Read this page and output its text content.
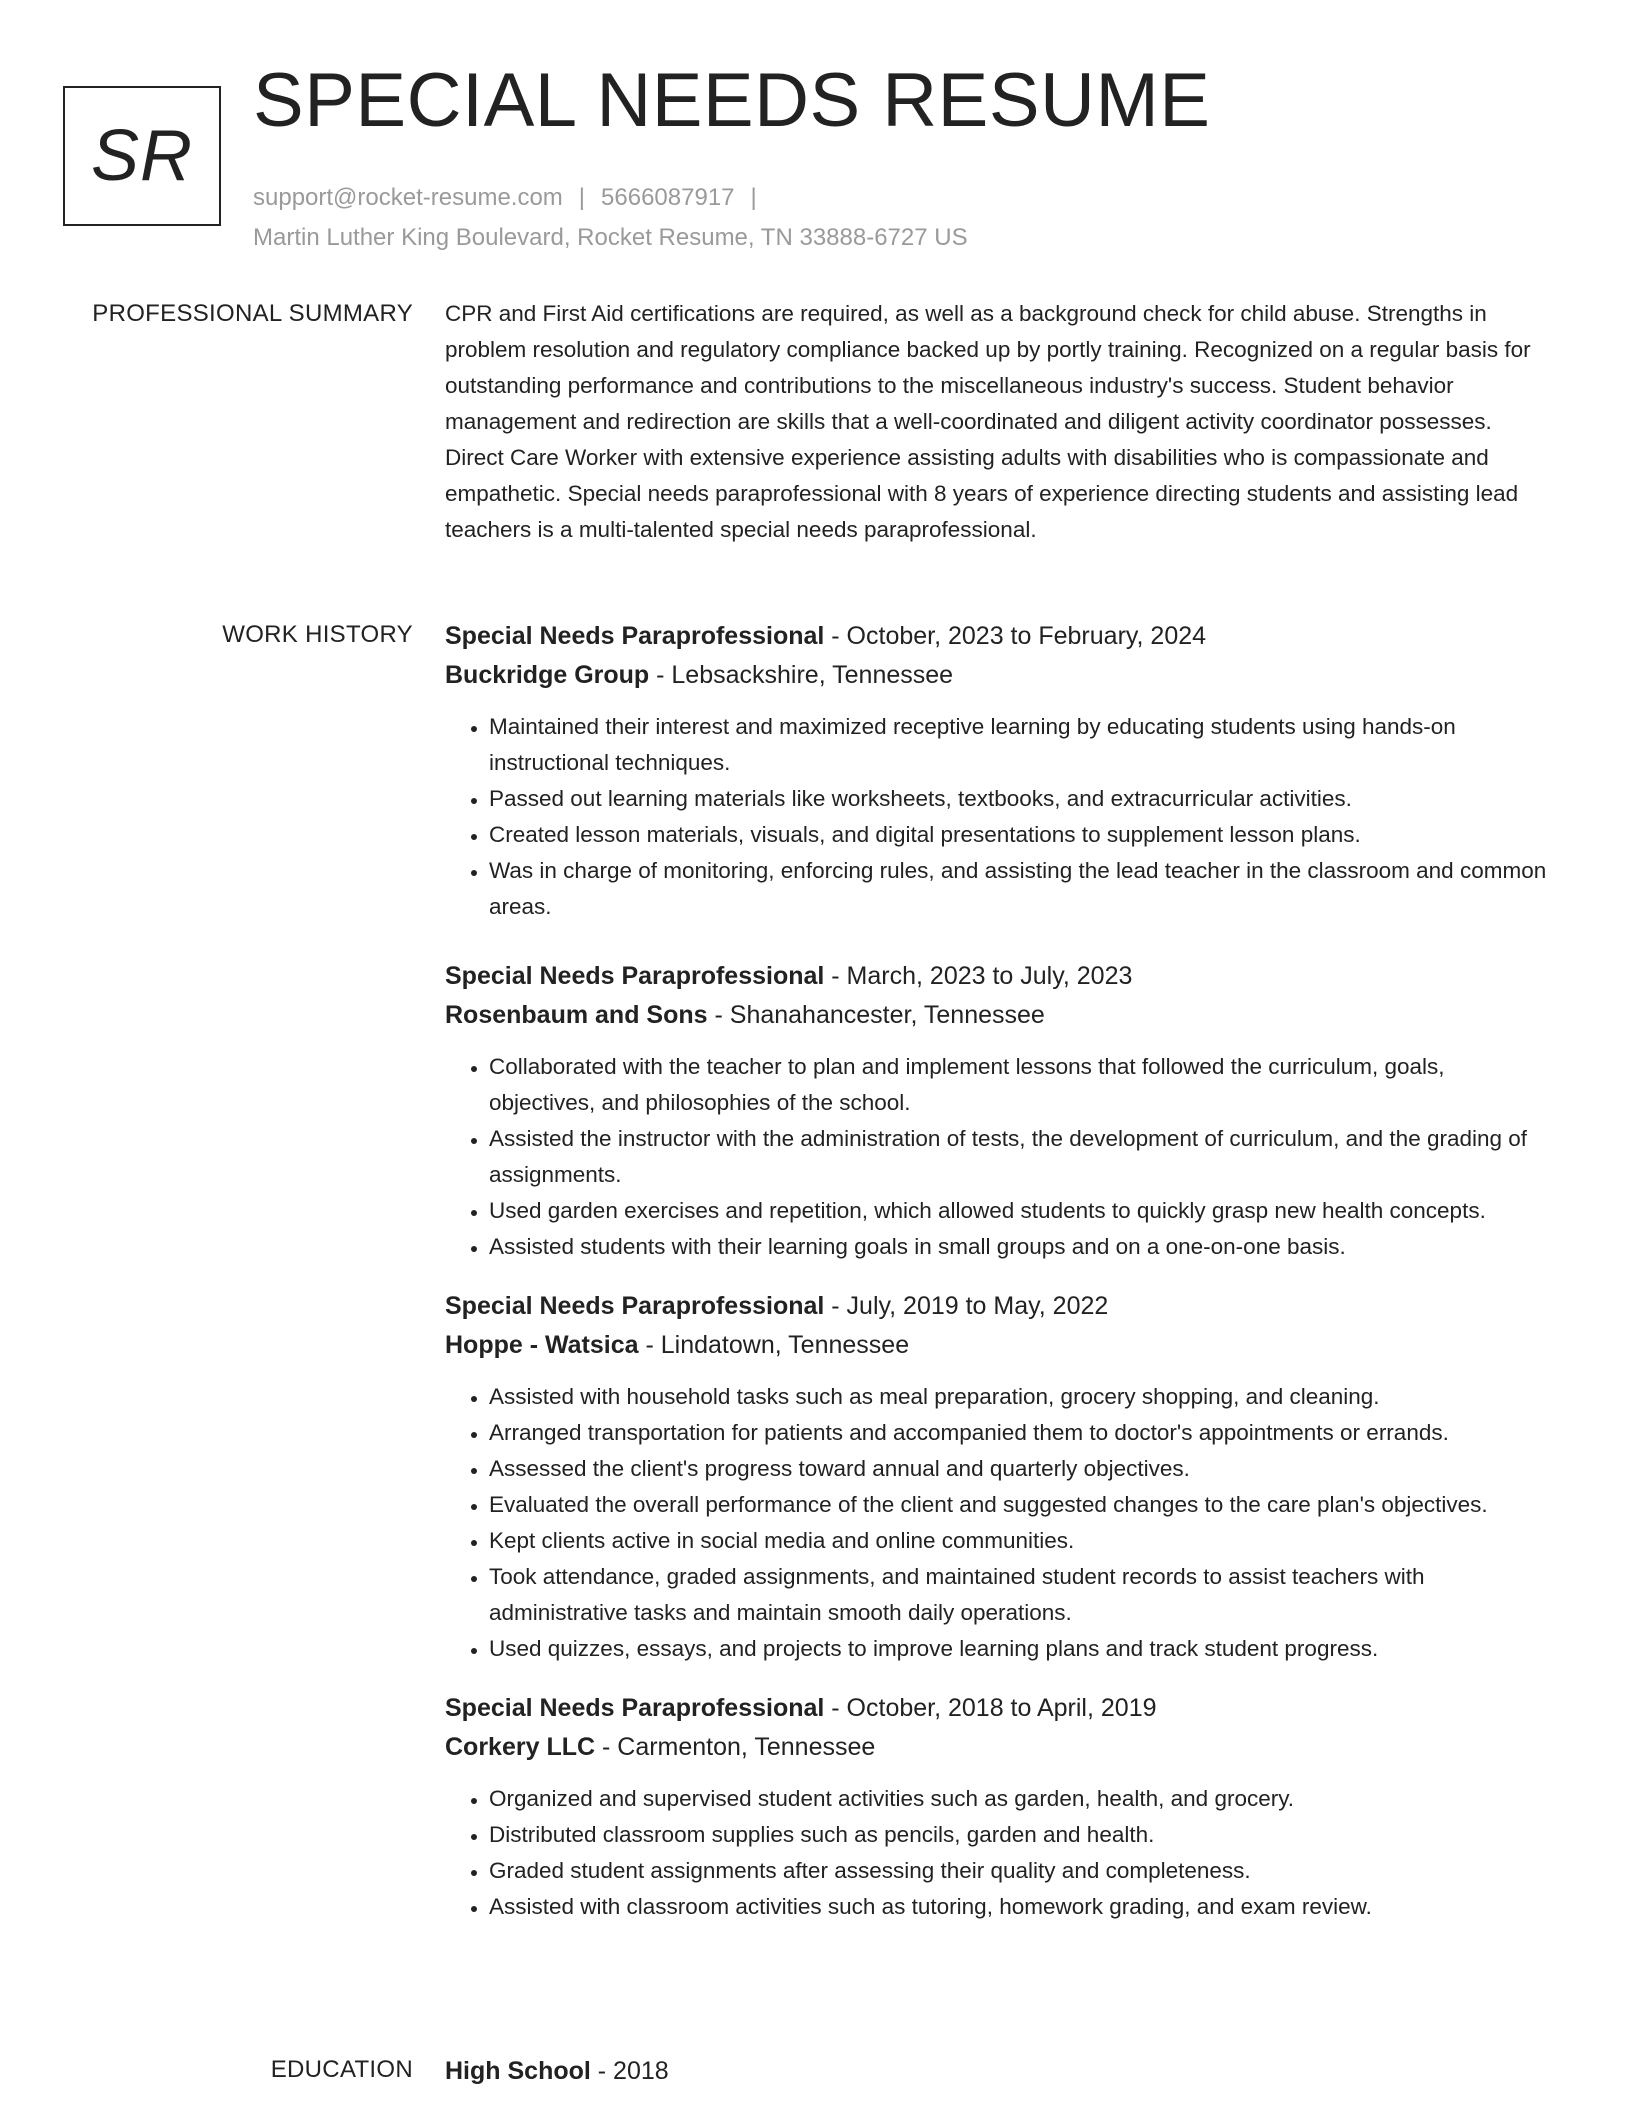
SR
SPECIAL NEEDS RESUME
support@rocket-resume.com | 5666087917 |
Martin Luther King Boulevard, Rocket Resume, TN 33888-6727 US
PROFESSIONAL SUMMARY CPR and First Aid certifications are required, as well as a background check for child abuse. Strengths in problem resolution and regulatory compliance backed up by portly training. Recognized on a regular basis for outstanding performance and contributions to the miscellaneous industry's success. Student behavior management and redirection are skills that a well-coordinated and diligent activity coordinator possesses. Direct Care Worker with extensive experience assisting adults with disabilities who is compassionate and empathetic. Special needs paraprofessional with 8 years of experience directing students and assisting lead teachers is a multi-talented special needs paraprofessional.

WORK HISTORY Special Needs Paraprofessional - October, 2023 to February, 2024
Buckridge Group - Lebsackshire, Tennessee
• Maintained their interest and maximized receptive learning by educating students using hands-on instructional techniques.
• Passed out learning materials like worksheets, textbooks, and extracurricular activities.
• Created lesson materials, visuals, and digital presentations to supplement lesson plans.
• Was in charge of monitoring, enforcing rules, and assisting the lead teacher in the classroom and common areas.
Special Needs Paraprofessional - March, 2023 to July, 2023
Rosenbaum and Sons - Shanahancester, Tennessee
• Collaborated with the teacher to plan and implement lessons that followed the curriculum, goals, objectives, and philosophies of the school.
• Assisted the instructor with the administration of tests, the development of curriculum, and the grading of assignments.
• Used garden exercises and repetition, which allowed students to quickly grasp new health concepts.
• Assisted students with their learning goals in small groups and on a one-on-one basis.
Special Needs Paraprofessional - July, 2019 to May, 2022
Hoppe - Watsica - Lindatown, Tennessee
• Assisted with household tasks such as meal preparation, grocery shopping, and cleaning.
• Arranged transportation for patients and accompanied them to doctor's appointments or errands.
• Assessed the client's progress toward annual and quarterly objectives.
• Evaluated the overall performance of the client and suggested changes to the care plan's objectives.
• Kept clients active in social media and online communities.
• Took attendance, graded assignments, and maintained student records to assist teachers with administrative tasks and maintain smooth daily operations.
• Used quizzes, essays, and projects to improve learning plans and track student progress.
Special Needs Paraprofessional - October, 2018 to April, 2019
Corkery LLC - Carmenton, Tennessee
• Organized and supervised student activities such as garden, health, and grocery.
• Distributed classroom supplies such as pencils, garden and health.
• Graded student assignments after assessing their quality and completeness.
• Assisted with classroom activities such as tutoring, homework grading, and exam review.
EDUCATION High School - 2018
